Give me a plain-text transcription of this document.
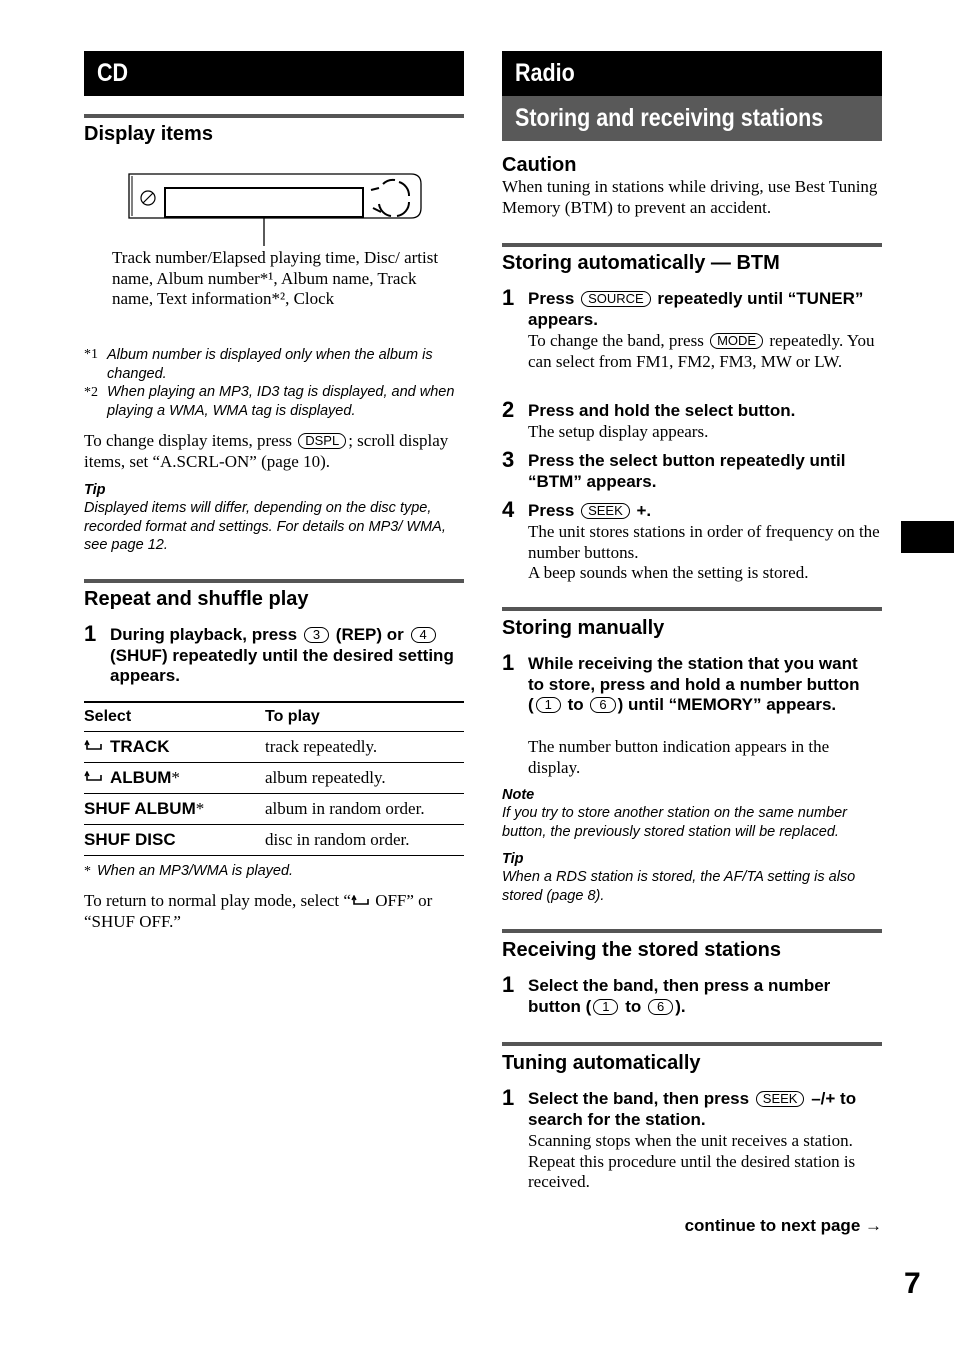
CD
Display items
Track number/Elapsed playing time, Disc/ artist name, Album number*¹, Album name, Track name, Text information*², Clock
*1 Album number is displayed only when the album is changed.
*2 When playing an MP3, ID3 tag is displayed, and when playing a WMA, WMA tag is displayed.
To change display items, press DSPL ; scroll display items, set “A.SCRL-ON” (page 10).
Tip
Displayed items will differ, depending on the disc type, recorded format and settings. For details on MP3/ WMA, see page 12.
Repeat and shuffle play
1 During playback, press 3 (REP) or 4 (SHUF) repeatedly until the desired setting appears.
Select	To play
TRACK	track repeatedly.
ALBUM*	album repeatedly.
SHUF ALBUM*	album in random order.
SHUF DISC	disc in random order.
* When an MP3/WMA is played.
To return to normal play mode, select “ OFF” or “SHUF OFF.”
Radio
Storing and receiving stations
Caution
When tuning in stations while driving, use Best Tuning Memory (BTM) to prevent an accident.
Storing automatically — BTM
1 Press SOURCE repeatedly until “TUNER” appears.
To change the band, press MODE repeatedly. You can select from FM1, FM2, FM3, MW or LW.
2 Press and hold the select button.
The setup display appears.
3 Press the select button repeatedly until “BTM” appears.
4 Press SEEK +.
The unit stores stations in order of frequency on the number buttons.
A beep sounds when the setting is stored.
Storing manually
1 While receiving the station that you want to store, press and hold a number button ( 1 to 6 ) until “MEMORY” appears.
The number button indication appears in the display.
Note
If you try to store another station on the same number button, the previously stored station will be replaced.
Tip
When a RDS station is stored, the AF/TA setting is also stored (page 8).
Receiving the stored stations
1 Select the band, then press a number button ( 1 to 6 ).
Tuning automatically
1 Select the band, then press SEEK –/+ to search for the station.
Scanning stops when the unit receives a station. Repeat this procedure until the desired station is received.
continue to next page →
7
